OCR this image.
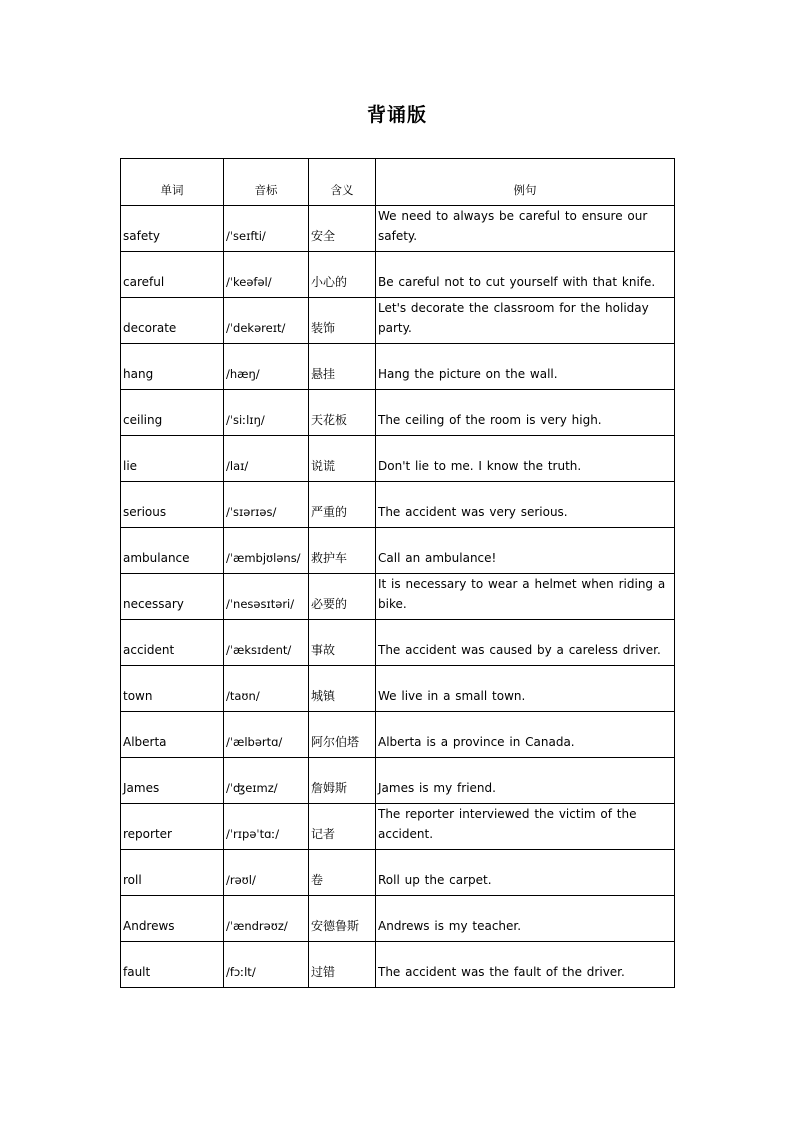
背诵版
单词	音标	含义	例句
safety	/ˈseɪfti/	安全	We need to always be careful to ensure our safety.
careful	/ˈkeəfəl/	小心的	Be careful not to cut yourself with that knife.
decorate	/ˈdekəreɪt/	装饰	Let's decorate the classroom for the holiday party.
hang	/hæŋ/	悬挂	Hang the picture on the wall.
ceiling	/ˈsiːlɪŋ/	天花板	The ceiling of the room is very high.
lie	/laɪ/	说谎	Don't lie to me. I know the truth.
serious	/ˈsɪərɪəs/	严重的	The accident was very serious.
ambulance	/ˈæmbjʊləns/	救护车	Call an ambulance!
necessary	/ˈnesəsɪtəri/	必要的	It is necessary to wear a helmet when riding a bike.
accident	/ˈæksɪdent/	事故	The accident was caused by a careless driver.
town	/taʊn/	城镇	We live in a small town.
Alberta	/ˈælbərtɑ/	阿尔伯塔	Alberta is a province in Canada.
James	/ˈʤeɪmz/	詹姆斯	James is my friend.
reporter	/ˈrɪpəˈtɑː/	记者	The reporter interviewed the victim of the accident.
roll	/rəʊl/	卷	Roll up the carpet.
Andrews	/ˈændrəʊz/	安德鲁斯	Andrews is my teacher.
fault	/fɔːlt/	过错	The accident was the fault of the driver.
